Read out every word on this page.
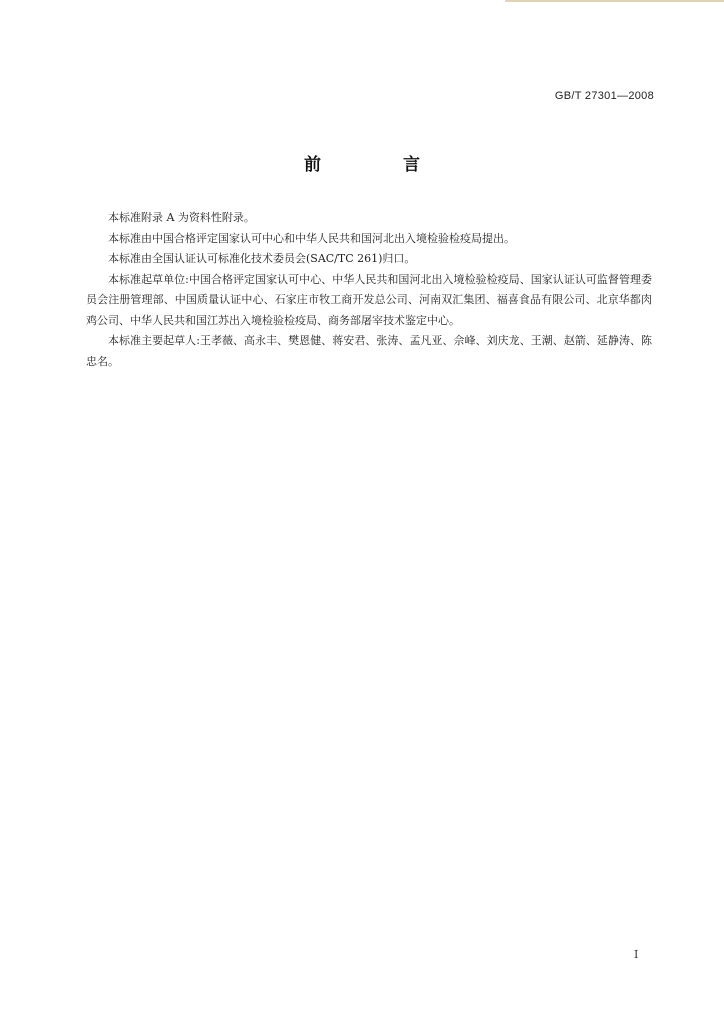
GB/T 27301—2008
前 言

本标准附录 A 为资料性附录。

本标准由中国合格评定国家认可中心和中华人民共和国河北出入境检验检疫局提出。

本标准由全国认证认可标准化技术委员会(SAC/TC 261)归口。

本标准起草单位:中国合格评定国家认可中心、中华人民共和国河北出入境检验检疫局、国家认证认可监督管理委员会注册管理部、中国质量认证中心、石家庄市牧工商开发总公司、河南双汇集团、福喜食品有限公司、北京华都肉鸡公司、中华人民共和国江苏出入境检验检疫局、商务部屠宰技术鉴定中心。

本标准主要起草人:王孝薇、高永丰、樊恩健、蒋安君、张涛、孟凡亚、佘峰、刘庆龙、王潮、赵箭、延静涛、陈忠名。

I
